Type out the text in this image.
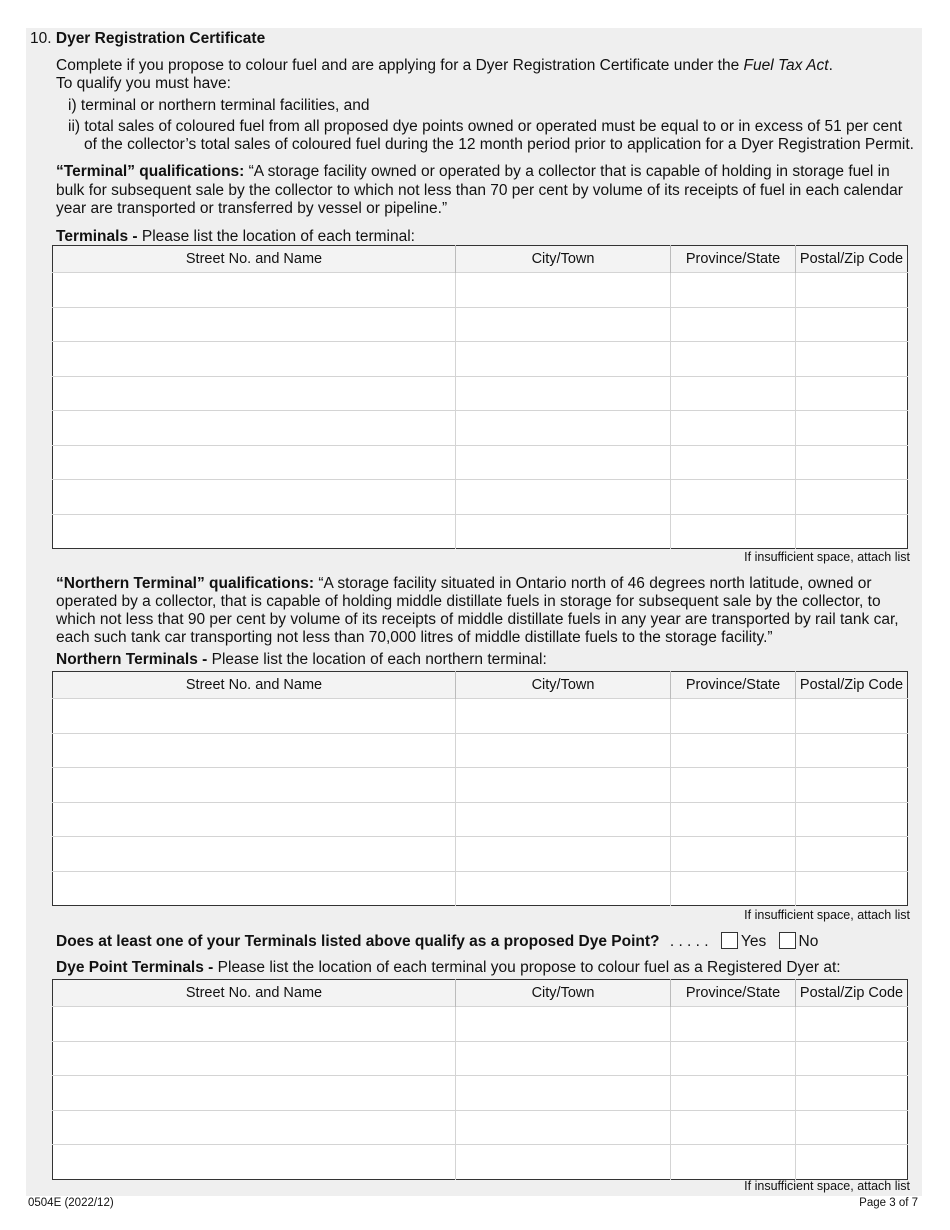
10. Dyer Registration Certificate
Complete if you propose to colour fuel and are applying for a Dyer Registration Certificate under the Fuel Tax Act.
To qualify you must have:
i) terminal or northern terminal facilities, and
ii) total sales of coloured fuel from all proposed dye points owned or operated must be equal to or in excess of 51 per cent of the collector’s total sales of coloured fuel during the 12 month period prior to application for a Dyer Registration Permit.
“Terminal” qualifications: “A storage facility owned or operated by a collector that is capable of holding in storage fuel in bulk for subsequent sale by the collector to which not less than 70 per cent by volume of its receipts of fuel in each calendar year are transported or transferred by vessel or pipeline.”
Terminals - Please list the location of each terminal:
Street No. and Name	City/Town	Province/State	Postal/Zip Code

If insufficient space, attach list
“Northern Terminal” qualifications: “A storage facility situated in Ontario north of 46 degrees north latitude, owned or operated by a collector, that is capable of holding middle distillate fuels in storage for subsequent sale by the collector, to which not less that 90 per cent by volume of its receipts of middle distillate fuels in any year are transported by rail tank car, each such tank car transporting not less than 70,000 litres of middle distillate fuels to the storage facility.”
Northern Terminals - Please list the location of each northern terminal:
Street No. and Name	City/Town	Province/State	Postal/Zip Code

If insufficient space, attach list
Does at least one of your Terminals listed above qualify as a proposed Dye Point? . . . . . Yes No
Dye Point Terminals - Please list the location of each terminal you propose to colour fuel as a Registered Dyer at:
Street No. and Name	City/Town	Province/State	Postal/Zip Code

If insufficient space, attach list
0504E (2022/12)	Page 3 of 7
